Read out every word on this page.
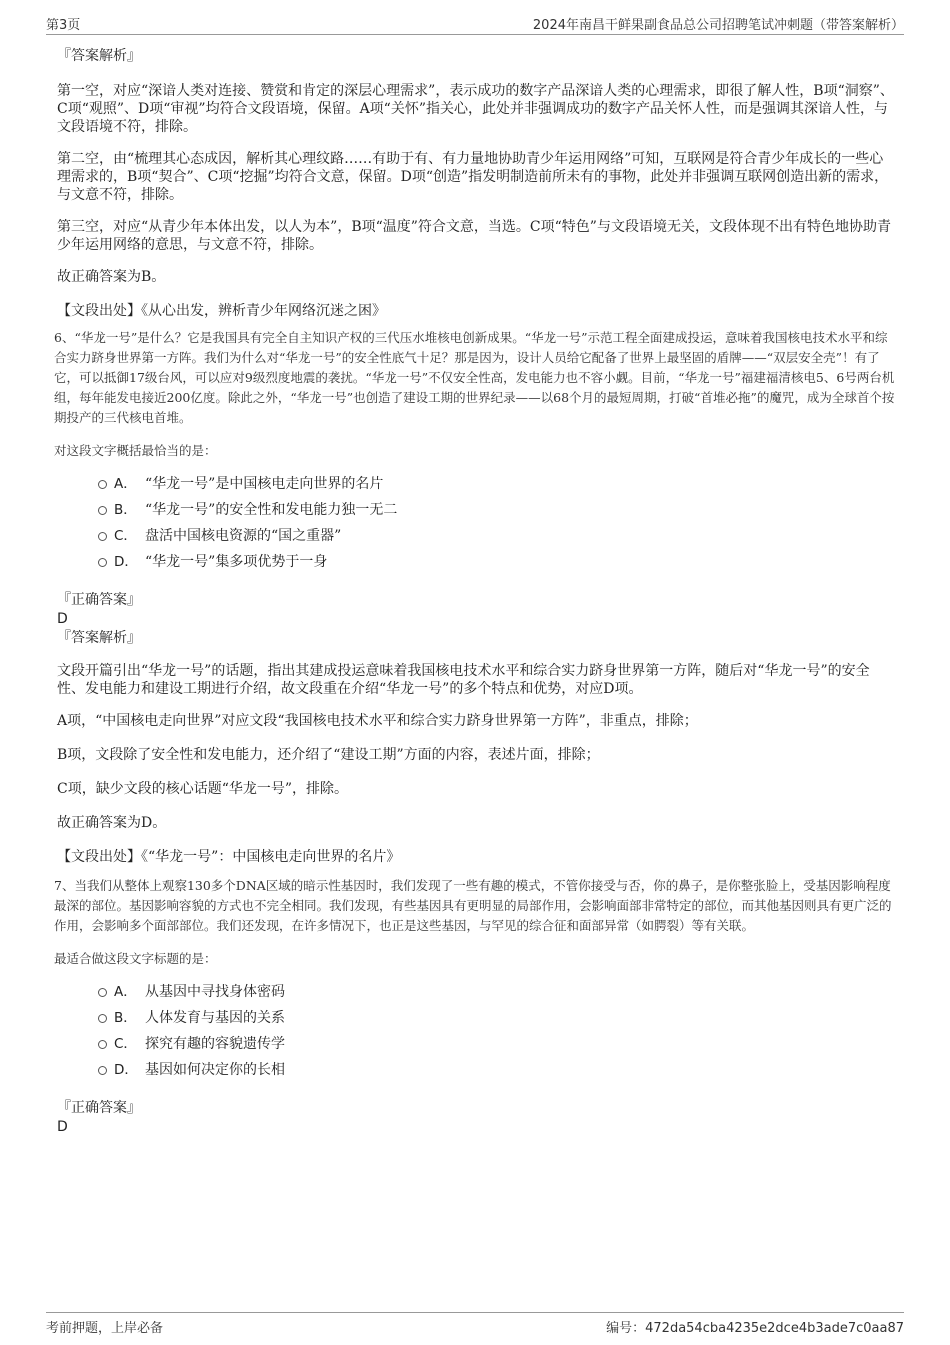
第3页	2024年南昌干鲜果副食品总公司招聘笔试冲刺题（带答案解析）

『答案解析』

第一空，对应“深谙人类对连接、赞赏和肯定的深层心理需求”，表示成功的数字产品深谙人类的心理需求，即很了解人性，B项“洞察”、C项“观照”、D项“审视”均符合文段语境，保留。A项“关怀”指关心，此处并非强调成功的数字产品关怀人性，而是强调其深谙人性，与文段语境不符，排除。

第二空，由“梳理其心态成因，解析其心理纹路……有助于有、有力量地协助青少年运用网络”可知，互联网是符合青少年成长的一些心理需求的，B项“契合”、C项“挖掘”均符合文意，保留。D项“创造”指发明制造前所未有的事物，此处并非强调互联网创造出新的需求，与文意不符，排除。

第三空，对应“从青少年本体出发，以人为本”，B项“温度”符合文意，当选。C项“特色”与文段语境无关，文段体现不出有特色地协助青少年运用网络的意思，与文意不符，排除。

故正确答案为B。

【文段出处】《从心出发，辨析青少年网络沉迷之困》

6、“华龙一号”是什么？它是我国具有完全自主知识产权的三代压水堆核电创新成果。“华龙一号”示范工程全面建成投运，意味着我国核电技术水平和综合实力跻身世界第一方阵。我们为什么对“华龙一号”的安全性底气十足？那是因为，设计人员给它配备了世界上最坚固的盾牌——“双层安全壳”！有了它，可以抵御17级台风，可以应对9级烈度地震的袭扰。“华龙一号”不仅安全性高，发电能力也不容小觑。目前，“华龙一号”福建福清核电5、6号两台机组，每年能发电接近200亿度。除此之外，“华龙一号”也创造了建设工期的世界纪录——以68个月的最短周期，打破“首堆必拖”的魔咒，成为全球首个按期投产的三代核电首堆。

对这段文字概括最恰当的是：

A． “华龙一号”是中国核电走向世界的名片
B． “华龙一号”的安全性和发电能力独一无二
C． 盘活中国核电资源的“国之重器”
D． “华龙一号”集多项优势于一身

『正确答案』

D

『答案解析』

文段开篇引出“华龙一号”的话题，指出其建成投运意味着我国核电技术水平和综合实力跻身世界第一方阵，随后对“华龙一号”的安全性、发电能力和建设工期进行介绍，故文段重在介绍“华龙一号”的多个特点和优势，对应D项。

A项，“中国核电走向世界”对应文段“我国核电技术水平和综合实力跻身世界第一方阵”，非重点，排除；

B项，文段除了安全性和发电能力，还介绍了“建设工期”方面的内容，表述片面，排除；

C项，缺少文段的核心话题“华龙一号”，排除。

故正确答案为D。

【文段出处】《“华龙一号”：中国核电走向世界的名片》

7、当我们从整体上观察130多个DNA区域的暗示性基因时，我们发现了一些有趣的模式，不管你接受与否，你的鼻子，是你整张脸上，受基因影响程度最深的部位。基因影响容貌的方式也不完全相同。我们发现，有些基因具有更明显的局部作用，会影响面部非常特定的部位，而其他基因则具有更广泛的作用，会影响多个面部部位。我们还发现，在许多情况下，也正是这些基因，与罕见的综合征和面部异常（如腭裂）等有关联。

最适合做这段文字标题的是：

A． 从基因中寻找身体密码
B． 人体发育与基因的关系
C． 探究有趣的容貌遗传学
D． 基因如何决定你的长相

『正确答案』

D

考前押题，上岸必备	编号：472da54cba4235e2dce4b3ade7c0aa87
